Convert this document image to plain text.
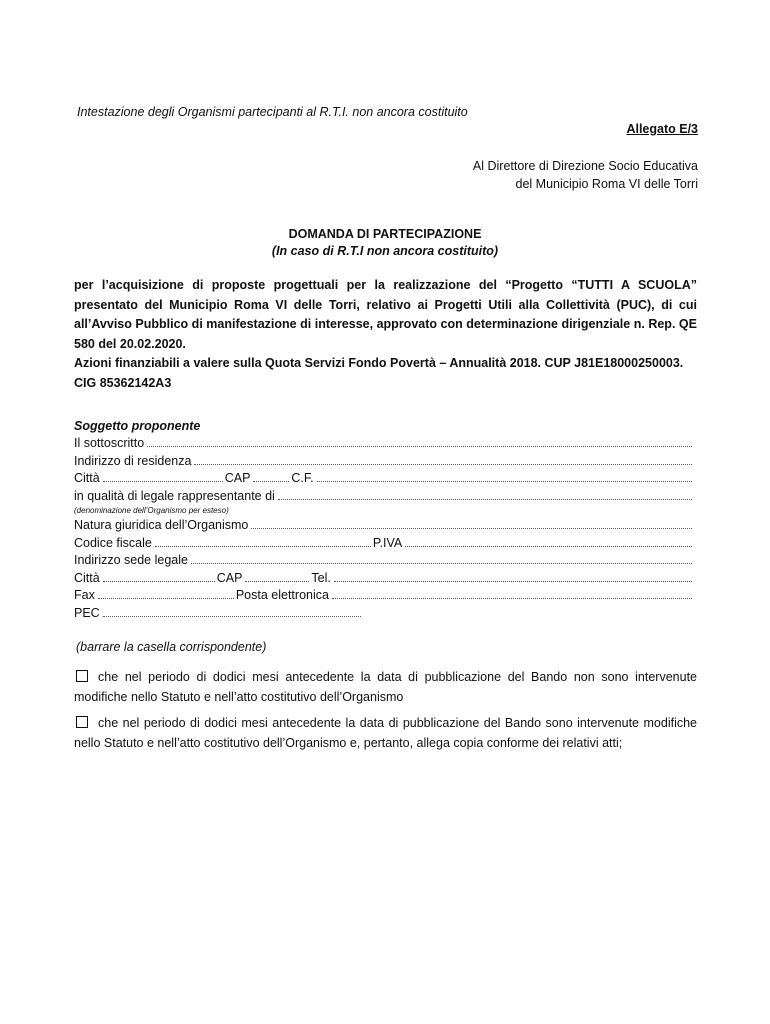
Intestazione degli Organismi partecipanti al R.T.I. non ancora costituito
Allegato E/3
Al Direttore di Direzione Socio Educativa
del Municipio Roma VI delle Torri
DOMANDA DI PARTECIPAZIONE
(In caso di R.T.I non ancora costituito)

per l’acquisizione di proposte progettuali per la realizzazione del “Progetto “TUTTI A SCUOLA” presentato del Municipio Roma VI delle Torri, relativo ai Progetti Utili alla Collettività (PUC), di cui all’Avviso Pubblico di manifestazione di interesse, approvato con determinazione dirigenziale n. Rep. QE 580 del 20.02.2020.

Azioni finanziabili a valere sulla Quota Servizi Fondo Povertà – Annualità 2018. CUP J81E18000250003.

CIG 85362142A3

Soggetto proponente
Il sottoscritto
Indirizzo di residenza
Città	CAP	C.F.
in qualità di legale rappresentante di
(denominazione dell’Organismo per esteso)
Natura giuridica dell’Organismo
Codice fiscale	P.IVA
Indirizzo sede legale
Città	CAP	Tel.
Fax	Posta elettronica
PEC
(barrare la casella corrispondente)
che nel periodo di dodici mesi antecedente la data di pubblicazione del Bando non sono intervenute modifiche nello Statuto e nell’atto costitutivo dell’Organismo
che nel periodo di dodici mesi antecedente la data di pubblicazione del Bando sono intervenute modifiche nello Statuto e nell’atto costitutivo dell’Organismo e, pertanto, allega copia conforme dei relativi atti;
